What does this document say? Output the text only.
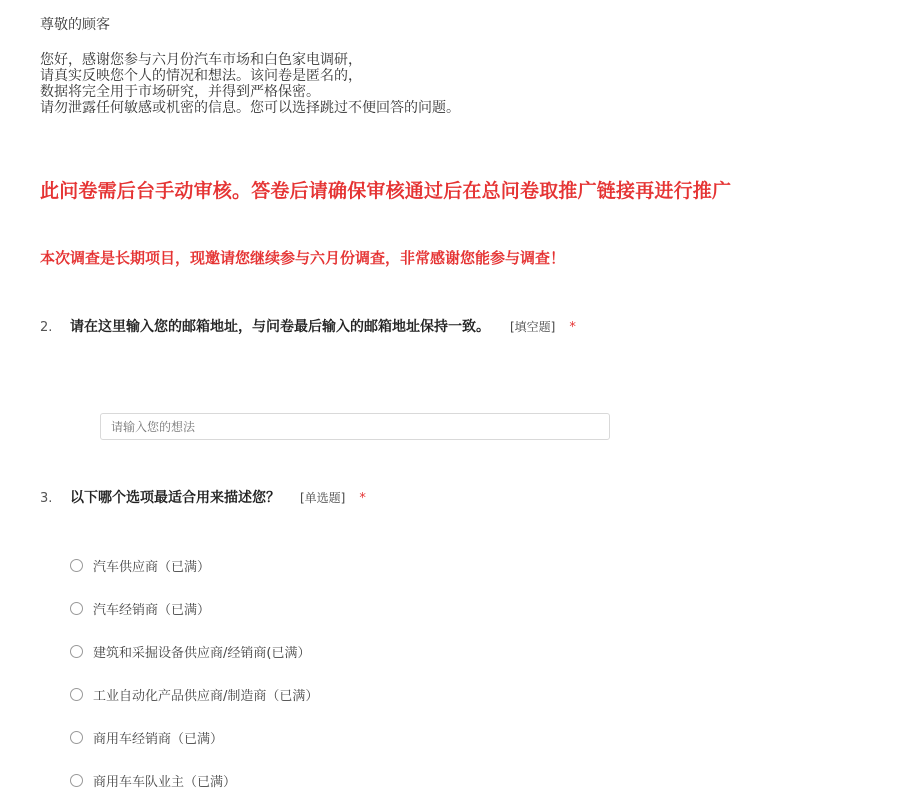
尊敬的顾客
您好，感谢您参与六月份汽车市场和白色家电调研，
请真实反映您个人的情况和想法。该问卷是匿名的，
数据将完全用于市场研究，并得到严格保密。
请勿泄露任何敏感或机密的信息。您可以选择跳过不便回答的问题。
此问卷需后台手动审核。答卷后请确保审核通过后在总问卷取推广链接再进行推广
本次调查是长期项目，现邀请您继续参与六月份调查，非常感谢您能参与调查！
2.	请在这里输入您的邮箱地址，与问卷最后输入的邮箱地址保持一致。 [填空题] *
请输入您的想法
3.	以下哪个选项最适合用来描述您？ [单选题] *
汽车供应商（已满）
汽车经销商（已满）
建筑和采掘设备供应商/经销商(已满）
工业自动化产品供应商/制造商（已满）
商用车经销商（已满）
商用车车队业主（已满）
